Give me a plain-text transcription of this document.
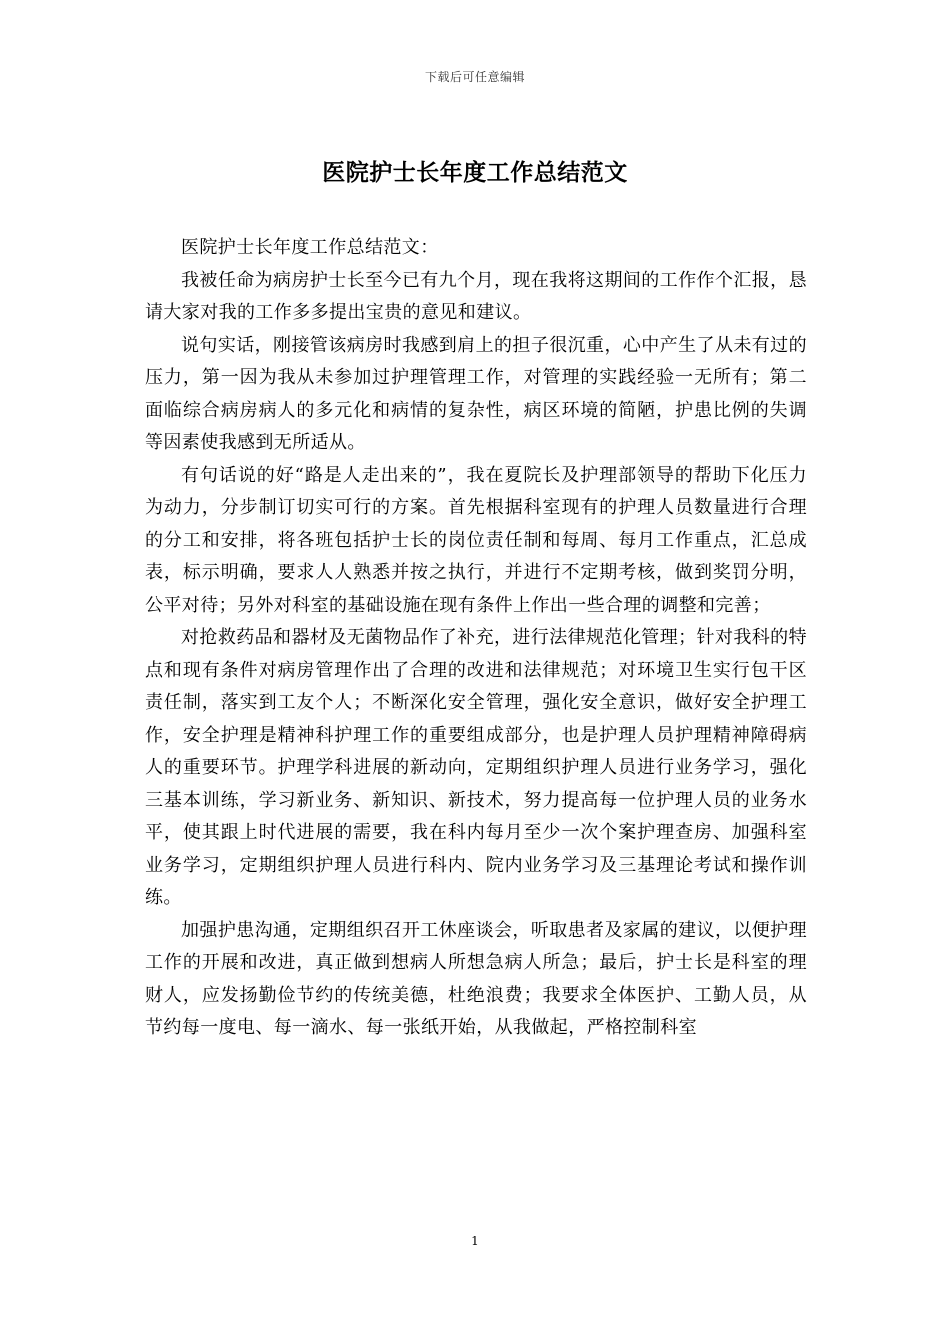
下载后可任意编辑
医院护士长年度工作总结范文

医院护士长年度工作总结范文：

我被任命为病房护士长至今已有九个月，现在我将这期间的工作作个汇报，恳请大家对我的工作多多提出宝贵的意见和建议。

说句实话，刚接管该病房时我感到肩上的担子很沉重，心中产生了从未有过的压力，第一因为我从未参加过护理管理工作，对管理的实践经验一无所有；第二面临综合病房病人的多元化和病情的复杂性，病区环境的简陋，护患比例的失调等因素使我感到无所适从。

有句话说的好“路是人走出来的”，我在夏院长及护理部领导的帮助下化压力为动力，分步制订切实可行的方案。首先根据科室现有的护理人员数量进行合理的分工和安排，将各班包括护士长的岗位责任制和每周、每月工作重点，汇总成表，标示明确，要求人人熟悉并按之执行，并进行不定期考核，做到奖罚分明，公平对待；另外对科室的基础设施在现有条件上作出一些合理的调整和完善；

对抢救药品和器材及无菌物品作了补充，进行法律规范化管理；针对我科的特点和现有条件对病房管理作出了合理的改进和法律规范；对环境卫生实行包干区责任制，落实到工友个人；不断深化安全管理，强化安全意识，做好安全护理工作，安全护理是精神科护理工作的重要组成部分，也是护理人员护理精神障碍病人的重要环节。护理学科进展的新动向，定期组织护理人员进行业务学习，强化三基本训练，学习新业务、新知识、新技术，努力提高每一位护理人员的业务水平，使其跟上时代进展的需要，我在科内每月至少一次个案护理查房、加强科室业务学习，定期组织护理人员进行科内、院内业务学习及三基理论考试和操作训练。

加强护患沟通，定期组织召开工休座谈会，听取患者及家属的建议，以便护理工作的开展和改进，真正做到想病人所想急病人所急；最后，护士长是科室的理财人，应发扬勤俭节约的传统美德，杜绝浪费；我要求全体医护、工勤人员，从节约每一度电、每一滴水、每一张纸开始，从我做起，严格控制科室

1
